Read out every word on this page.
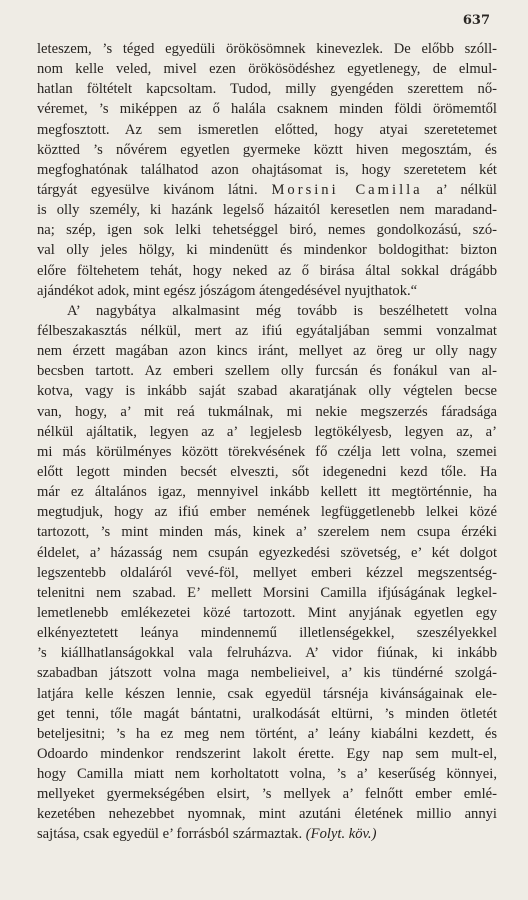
637
leteszem, ’s téged egyedüli örökösömnek kinevezlek. De előbb szóll-
nom kelle veled, mivel ezen örökösödéshez egyetlenegy, de elmul-
hatlan föltételt kapcsoltam. Tudod, milly gyengéden szerettem nő-
véremet, ’s miképpen az ő halála csaknem minden földi örömemtől
megfosztott. Az sem ismeretlen előtted, hogy atyai szeretetemet
köztted ’s nővérem egyetlen gyermeke köztt hiven megosztám, és
megfoghatónak találhatod azon ohajtásomat is, hogy szeretetem két
tárgyát egyesülve kivánom látni. Morsini Camilla a’ nélkül
is olly személy, ki hazánk legelső házaitól keresetlen nem maradand-
na; szép, igen sok lelki tehetséggel biró, nemes gondolkozású, szó-
val olly jeles hölgy, ki mindenütt és mindenkor boldogithat: bizton
előre föltehetem tehát, hogy neked az ő birása által sokkal drágább
ajándékot adok, mint egész jószágom átengedésével nyujthatok.“
A’ nagybátya alkalmasint még tovább is beszélhetett volna
félbeszakasztás nélkül, mert az ifiú egyátaljában semmi vonzalmat
nem érzett magában azon kincs iránt, mellyet az öreg ur olly nagy
becsben tartott. Az emberi szellem olly furcsán és fonákul van al-
kotva, vagy is inkább saját szabad akaratjának olly végtelen becse
van, hogy, a’ mit reá tukmálnak, mi nekie megszerzés fáradsága
nélkül ajáltatik, legyen az a’ legjelesb legtökélyesb, legyen az, a’
mi más körülményes között törekvésének fő czélja lett volna, szemei
előtt legott minden becsét elveszti, sőt idegenedni kezd tőle. Ha
már ez általános igaz, mennyivel inkább kellett itt megtörténnie, ha
megtudjuk, hogy az ifiú ember nemének legfüggetlenebb lelkei közé
tartozott, ’s mint minden más, kinek a’ szerelem nem csupa érzéki
éldelet, a’ házasság nem csupán egyezkedési szövetség, e’ két dolgot
legszentebb oldaláról vevé-föl, mellyet emberi kézzel megszentség-
telenitni nem szabad. E’ mellett Morsini Camilla ifjúságának legkel-
lemetlenebb emlékezetei közé tartozott. Mint anyjának egyetlen egy
elkényeztetett leánya mindennemű illetlenségekkel, szeszélyekkel
’s kiállhatlanságokkal vala felruházva. A’ vidor fiúnak, ki inkább
szabadban játszott volna maga nembelieivel, a’ kis tündérné szolgá-
latjára kelle készen lennie, csak egyedül társnéja kivánságainak ele-
get tenni, tőle magát bántatni, uralkodását eltürni, ’s minden ötletét
beteljesitni; ’s ha ez meg nem történt, a’ leány kiabálni kezdett, és
Odoardo mindenkor rendszerint lakolt érette. Egy nap sem mult-el,
hogy Camilla miatt nem korholtatott volna, ’s a’ keserűség könnyei,
mellyeket gyermekségében elsirt, ’s mellyek a’ felnőtt ember emlé-
kezetében nehezebbet nyomnak, mint azutáni életének millio annyi
sajtása, csak egyedül e’ forrásból származtak. (Folyt. köv.)
